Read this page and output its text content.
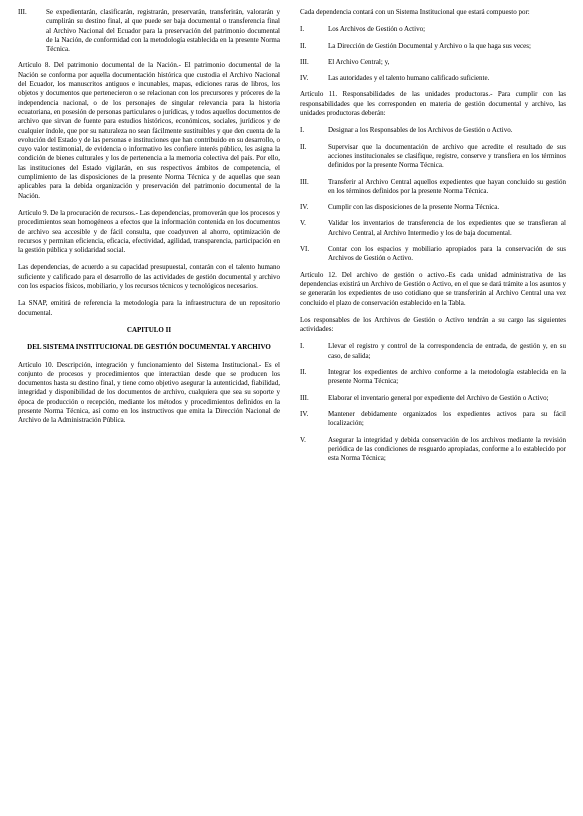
III.	Se expedientarán, clasificarán, registrarán, preservarán, transferirán, valorarán y cumplirán su destino final, al que puede ser baja documental o transferencia final al Archivo Nacional del Ecuador para la preservación del patrimonio documental de la Nación, de conformidad con la metodología establecida en la presente Norma Técnica.

Artículo 8. Del patrimonio documental de la Nación.- El patrimonio documental de la Nación se conforma por aquella documentación histórica que custodia el Archivo Nacional del Ecuador, los manuscritos antiguos e incunables, mapas, ediciones raras de libros, los objetos y documentos que pertenecieron o se relacionan con los precursores y próceres de la independencia nacional, o de los personajes de singular relevancia para la historia ecuatoriana, en posesión de personas particulares o jurídicas, y todos aquellos documentos de archivo que sirvan de fuente para estudios históricos, económicos, sociales, jurídicos y de cualquier índole, que por su naturaleza no sean fácilmente sustituibles y que den cuenta de la evolución del Estado y de las personas e instituciones que han contribuido en su desarrollo, o cuyo valor testimonial, de evidencia o informativo les confiere interés público, les asigna la condición de bienes culturales y los de pertenencia a la memoria colectiva del país. Por ello, las instituciones del Estado vigilarán, en sus respectivos ámbitos de competencia, el cumplimiento de las disposiciones de la presente Norma Técnica y de aquellas que sean aplicables para la debida organización y preservación del patrimonio documental de la Nación.

Artículo 9. De la procuración de recursos.- Las dependencias, promoverán que los procesos y procedimientos sean homogéneos a efectos que la información contenida en los documentos de archivo sea accesible y de fácil consulta, que coadyuven al ahorro, optimización de recursos y permitan eficiencia, eficacia, efectividad, agilidad, transparencia, participación en la gestión pública y solidaridad social.

Las dependencias, de acuerdo a su capacidad presupuestal, contarán con el talento humano suficiente y calificado para el desarrollo de las actividades de gestión documental y archivo con los espacios físicos, mobiliario, y los recursos técnicos y tecnológicos necesarios.

La SNAP, emitirá de referencia la metodología para la infraestructura de un repositorio documental.

CAPITULO II
DEL SISTEMA INSTITUCIONAL DE GESTIÓN DOCUMENTAL Y ARCHIVO

Artículo 10. Descripción, integración y funcionamiento del Sistema Institucional.- Es el conjunto de procesos y procedimientos que interactúan desde que se producen los documentos hasta su destino final, y tiene como objetivo asegurar la autenticidad, fiabilidad, integridad y disponibilidad de los documentos de archivo, cualquiera que sea su soporte y época de producción o recepción, mediante los métodos y procedimientos definidos en la presente Norma Técnica, así como en los instructivos que emita la Dirección Nacional de Archivo de la Administración Pública.

Cada dependencia contará con un Sistema Institucional que estará compuesto por:

I.	Los Archivos de Gestión o Activo;
II.	La Dirección de Gestión Documental y Archivo o la que haga sus veces;
III.	El Archivo Central; y,
IV.	Las autoridades y el talento humano calificado suficiente.

Artículo 11. Responsabilidades de las unidades productoras.- Para cumplir con las responsabilidades que les corresponden en materia de gestión documental y archivo, las unidades productoras deberán:

I.	Designar a los Responsables de los Archivos de Gestión o Activo.
II.	Supervisar que la documentación de archivo que acredite el resultado de sus acciones institucionales se clasifique, registre, conserve y transfiera en los términos definidos por la presente Norma Técnica.
III.	Transferir al Archivo Central aquellos expedientes que hayan concluido su gestión en los términos definidos por la presente Norma Técnica.
IV.	Cumplir con las disposiciones de la presente Norma Técnica.
V.	Validar los inventarios de transferencia de los expedientes que se transfieran al Archivo Central, al Archivo Intermedio y los de baja documental.
VI.	Contar con los espacios y mobiliario apropiados para la conservación de sus Archivos de Gestión o Activo.

Artículo 12. Del archivo de gestión o activo.-Es cada unidad administrativa de las dependencias existirá un Archivo de Gestión o Activo, en el que se dará trámite a los asuntos y se generarán los expedientes de uso cotidiano que se transferirán al Archivo Central una vez concluido el plazo de conservación establecido en la Tabla.

Los responsables de los Archivos de Gestión o Activo tendrán a su cargo las siguientes actividades:

I.	Llevar el registro y control de la correspondencia de entrada, de gestión y, en su caso, de salida;
II.	Integrar los expedientes de archivo conforme a la metodología establecida en la presente Norma Técnica;
III.	Elaborar el inventario general por expediente del Archivo de Gestión o Activo;
IV.	Mantener debidamente organizados los expedientes activos para su fácil localización;
V.	Asegurar la integridad y debida conservación de los archivos mediante la revisión periódica de las condiciones de resguardo apropiadas, conforme a lo establecido por esta Norma Técnica;
